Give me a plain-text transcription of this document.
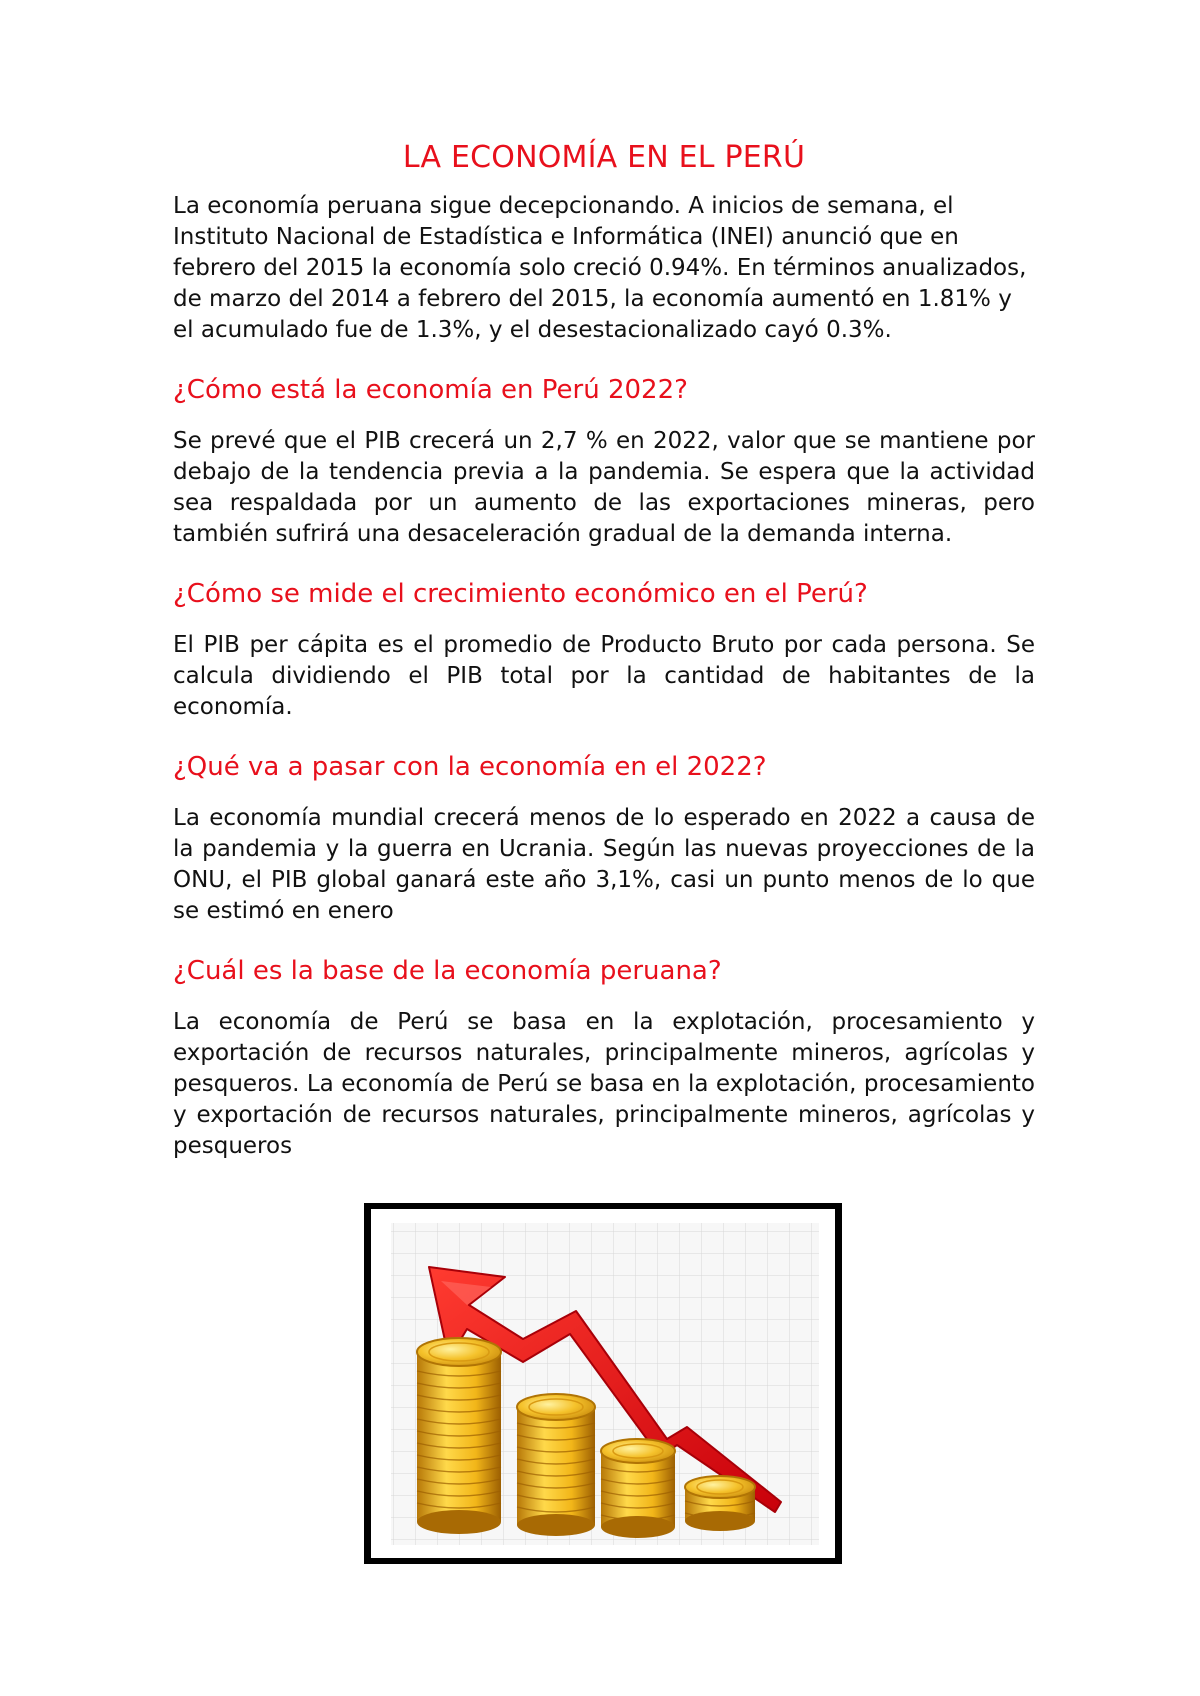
LA ECONOMÍA EN EL PERÚ

La economía peruana sigue decepcionando. A inicios de semana, el Instituto Nacional de Estadística e Informática (INEI) anunció que en febrero del 2015 la economía solo creció 0.94%. En términos anualizados, de marzo del 2014 a febrero del 2015, la economía aumentó en 1.81% y el acumulado fue de 1.3%, y el desestacionalizado cayó 0.3%.

¿Cómo está la economía en Perú 2022?

Se prevé que el PIB crecerá un 2,7 % en 2022, valor que se mantiene por debajo de la tendencia previa a la pandemia. Se espera que la actividad sea respaldada por un aumento de las exportaciones mineras, pero también sufrirá una desaceleración gradual de la demanda interna.

¿Cómo se mide el crecimiento económico en el Perú?

El PIB per cápita es el promedio de Producto Bruto por cada persona. Se calcula dividiendo el PIB total por la cantidad de habitantes de la economía.

¿Qué va a pasar con la economía en el 2022?

La economía mundial crecerá menos de lo esperado en 2022 a causa de la pandemia y la guerra en Ucrania. Según las nuevas proyecciones de la ONU, el PIB global ganará este año 3,1%, casi un punto menos de lo que se estimó en enero

¿Cuál es la base de la economía peruana?

La economía de Perú se basa en la explotación, procesamiento y exportación de recursos naturales, principalmente mineros, agrícolas y pesqueros. La economía de Perú se basa en la explotación, procesamiento y exportación de recursos naturales, principalmente mineros, agrícolas y pesqueros
